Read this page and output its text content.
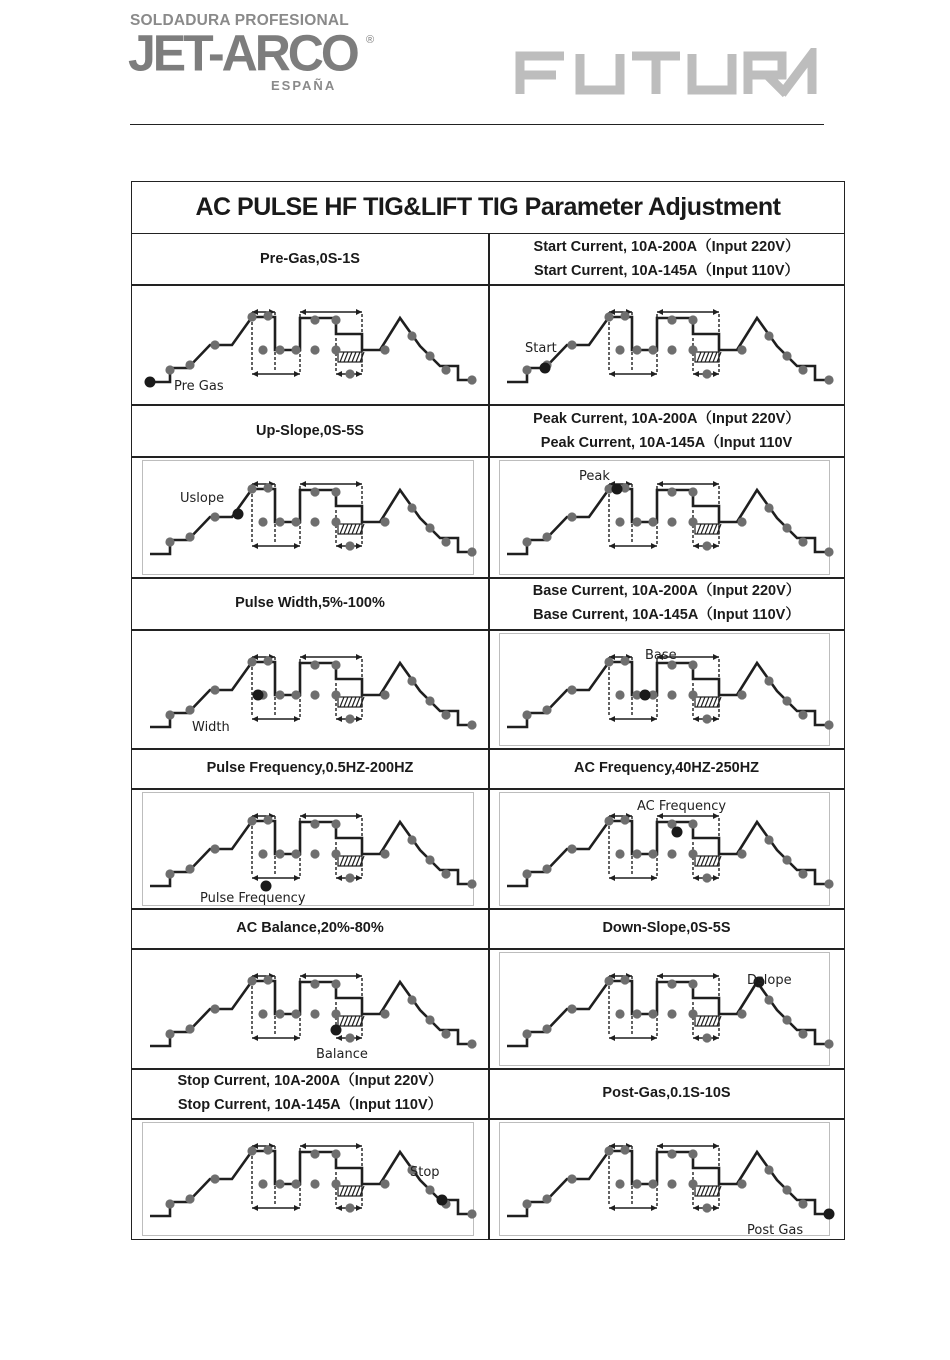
SOLDADURA PROFESIONAL
JET-ARCO ®
ESPAÑA
AC PULSE HF TIG&LIFT TIG Parameter Adjustment
Pre-Gas,0S-1S
Pre Gas
Start Current, 10A-200A（Input 220V）
Start Current, 10A-145A（Input 110V）
Start
Up-Slope,0S-5S
Uslope
Peak Current, 10A-200A（Input 220V）
Peak Current, 10A-145A（Input 110V
Peak
Pulse Width,5%-100%
Width
Base Current, 10A-200A（Input 220V）
Base Current, 10A-145A（Input 110V）
Base
Pulse Frequency,0.5HZ-200HZ
Pulse Frequency
AC Frequency,40HZ-250HZ
AC Frequency
AC Balance,20%-80%
Balance
Down-Slope,0S-5S
Dslope
Stop Current, 10A-200A（Input 220V）
Stop Current, 10A-145A（Input 110V）
Stop
Post-Gas,0.1S-10S
Post Gas
